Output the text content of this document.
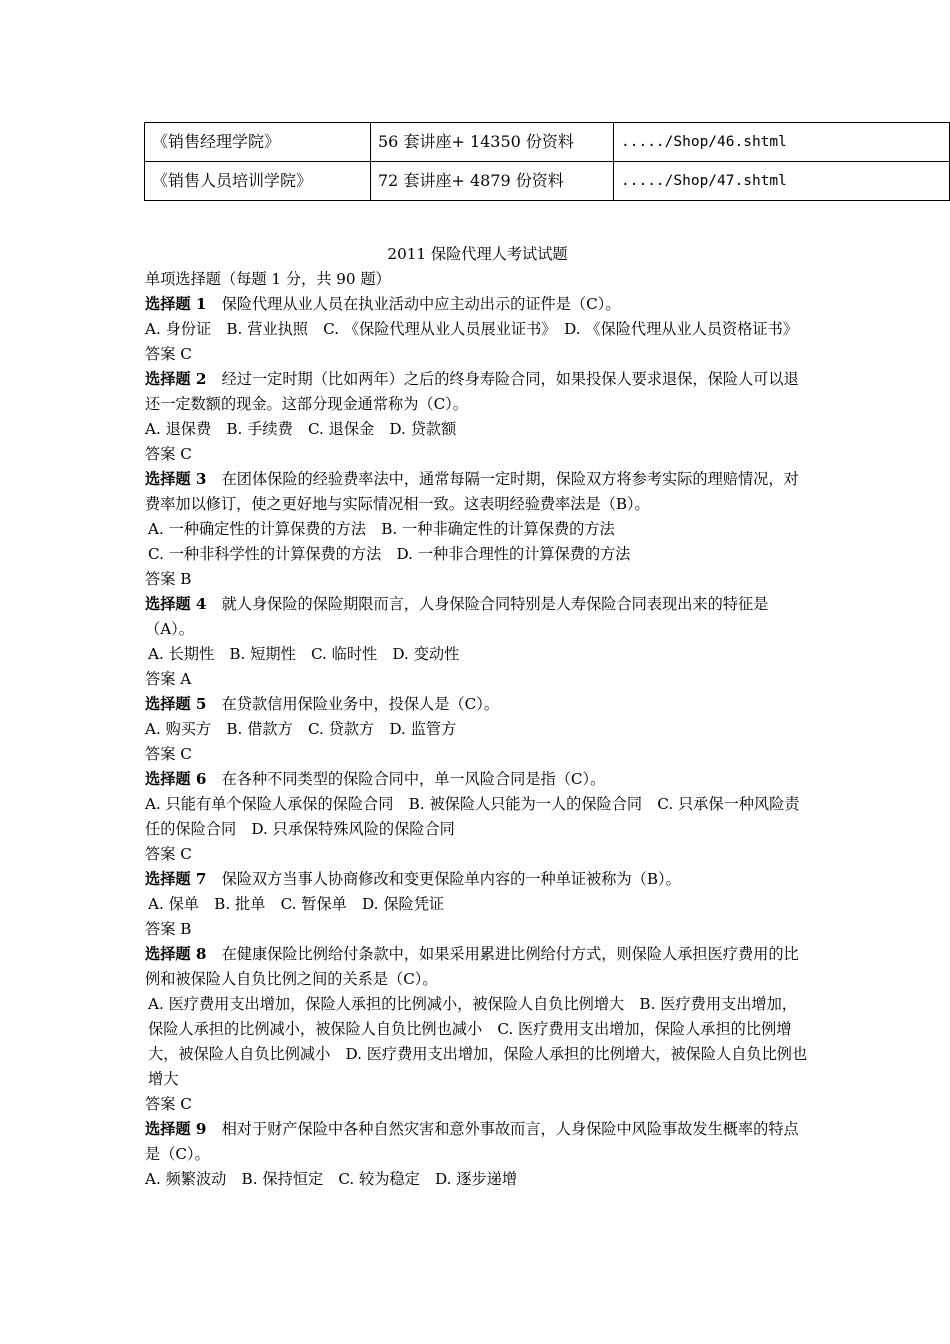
《销售经理学院》	56 套讲座+ 14350 份资料	...../Shop/46.shtml
《销售人员培训学院》	72 套讲座+ 4879 份资料	...../Shop/47.shtml

2011 保险代理人考试试题

单项选择题（每题 1 分，共 90 题）

选择题 1　 保险代理从业人员在执业活动中应主动出示的证件是（C）。

A. 身份证　B. 营业执照　C. 《保险代理从业人员展业证书》　D. 《保险代理从业人员资格证书》

答案 C

选择题 2　 经过一定时期（比如两年）之后的终身寿险合同，如果投保人要求退保，保险人可以退还一定数额的现金。这部分现金通常称为（C）。

A. 退保费　B. 手续费　C. 退保金　D. 贷款额

答案 C

选择题 3　 在团体保险的经验费率法中，通常每隔一定时期，保险双方将参考实际的理赔情况，对费率加以修订，使之更好地与实际情况相一致。这表明经验费率法是（B）。

A. 一种确定性的计算保费的方法　B. 一种非确定性的计算保费的方法

C. 一种非科学性的计算保费的方法　D. 一种非合理性的计算保费的方法

答案 B

选择题 4　 就人身保险的保险期限而言，人身保险合同特别是人寿保险合同表现出来的特征是（A）。

A. 长期性　B. 短期性　C. 临时性　D. 变动性

答案 A

选择题 5　 在贷款信用保险业务中，投保人是（C）。

A. 购买方　B. 借款方　C. 贷款方　D. 监管方

答案 C

选择题 6　 在各种不同类型的保险合同中，单一风险合同是指（C）。

A. 只能有单个保险人承保的保险合同　B. 被保险人只能为一人的保险合同　C. 只承保一种风险责任的保险合同　D. 只承保特殊风险的保险合同

答案 C

选择题 7　 保险双方当事人协商修改和变更保险单内容的一种单证被称为（B）。

A. 保单　B. 批单　C. 暂保单　D. 保险凭证

答案 B

选择题 8　 在健康保险比例给付条款中，如果采用累进比例给付方式，则保险人承担医疗费用的比例和被保险人自负比例之间的关系是（C）。

A. 医疗费用支出增加，保险人承担的比例减小，被保险人自负比例增大　B. 医疗费用支出增加，保险人承担的比例减小，被保险人自负比例也减小　C. 医疗费用支出增加，保险人承担的比例增大，被保险人自负比例减小　D. 医疗费用支出增加，保险人承担的比例增大，被保险人自负比例也增大

答案 C

选择题 9　 相对于财产保险中各种自然灾害和意外事故而言，人身保险中风险事故发生概率的特点是（C）。

A. 频繁波动　B. 保持恒定　C. 较为稳定　D. 逐步递增
